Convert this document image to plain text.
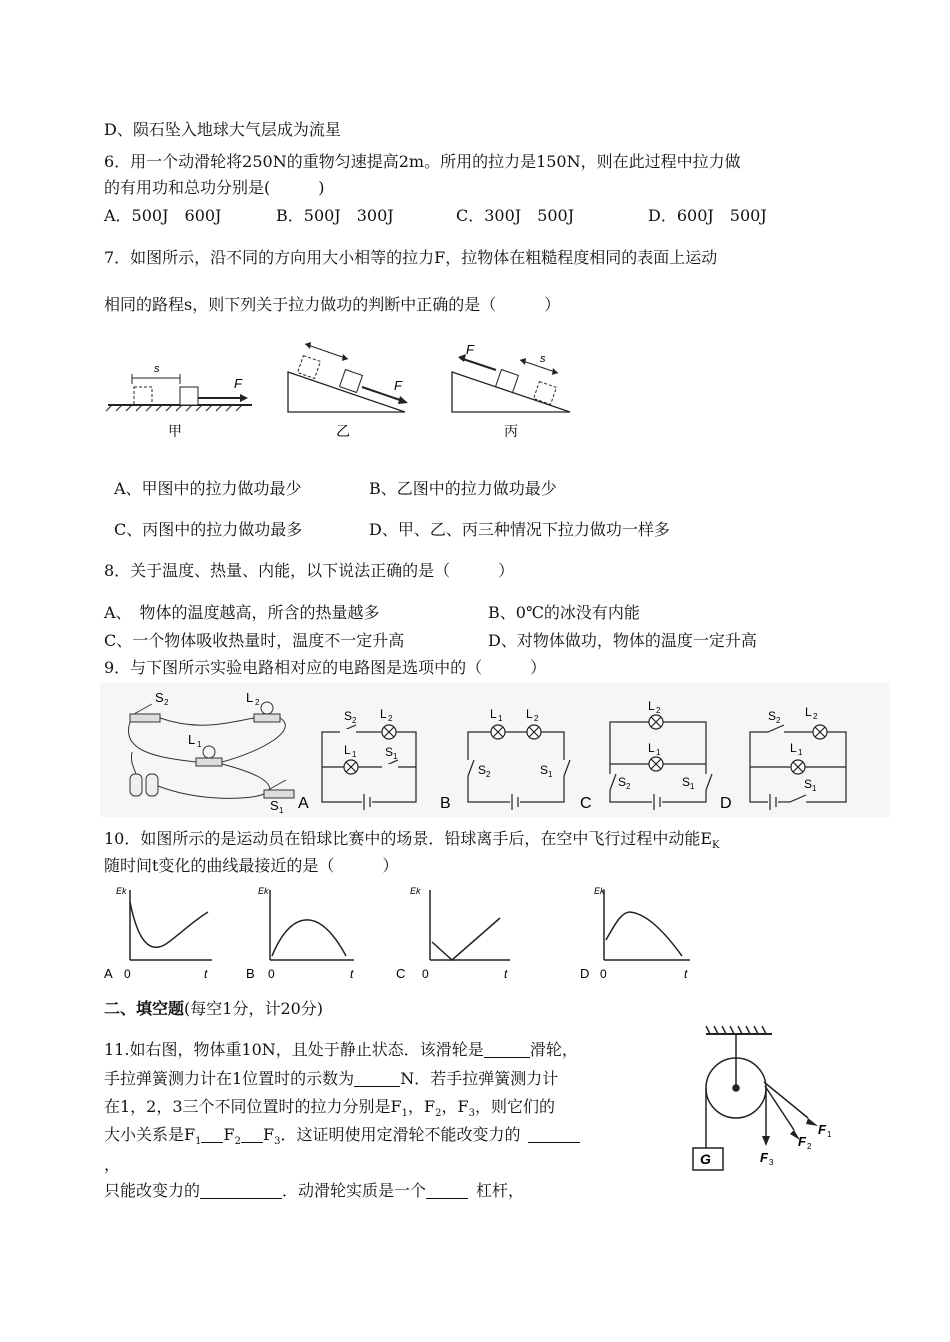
D、陨石坠入地球大气层成为流星
6．用一个动滑轮将250N的重物匀速提高2m。所用的拉力是150N，则在此过程中拉力做
的有用功和总功分别是(　　　)
A．500J　600J	B．500J　300J	C．300J　500J	D．600J　500J
7．如图所示，沿不同的方向用大小相等的拉力F，拉物体在粗糙程度相同的表面上运动
相同的路程s，则下列关于拉力做功的判断中正确的是（　　　）
s
F
甲
F
乙
F
s
丙
A、甲图中的拉力做功最少	B、乙图中的拉力做功最少
C、丙图中的拉力做功最多	D、甲、乙、丙三种情况下拉力做功一样多
8．关于温度、热量、内能，以下说法正确的是（　　　）
A、　物体的温度越高，所含的热量越多	B、0℃的冰没有内能
C、一个物体吸收热量时，温度不一定升高	D、对物体做功，物体的温度一定升高
9．与下图所示实验电路相对应的电路图是选项中的（　　　）
S 2	L 2
L 1
S 1 A
S 2 L 2
L 1 S 1
B
L 1 L 2
S 2	S 1
C
L 2
L 1
S 2	S 1
D
S 2
L 2
L 1
S 1
10．如图所示的是运动员在铅球比赛中的场景．铅球离手后，在空中飞行过程中动能$E_K$
随时间t变化的曲线最接近的是（　　　）
Ek
A 0	t
Ek
B 0	t
Ek
C 0	t
Ek
D 0	t
二、填空题(每空1分，计20分)
11.如右图，物体重10N，且处于静止状态．该滑轮是	滑轮，
手拉弹簧测力计在1位置时的示数为	N．若手拉弹簧测力计
在1，2，3三个不同位置时的拉力分别是$F_1$，$F_2$，$F_3$，则它们的
大小关系是$F_1$ $F_2$ $F_3$．这证明使用定滑轮不能改变力的
，
只能改变力的	．动滑轮实质是一个	杠杆，
G
F 1
F 2
F 3
